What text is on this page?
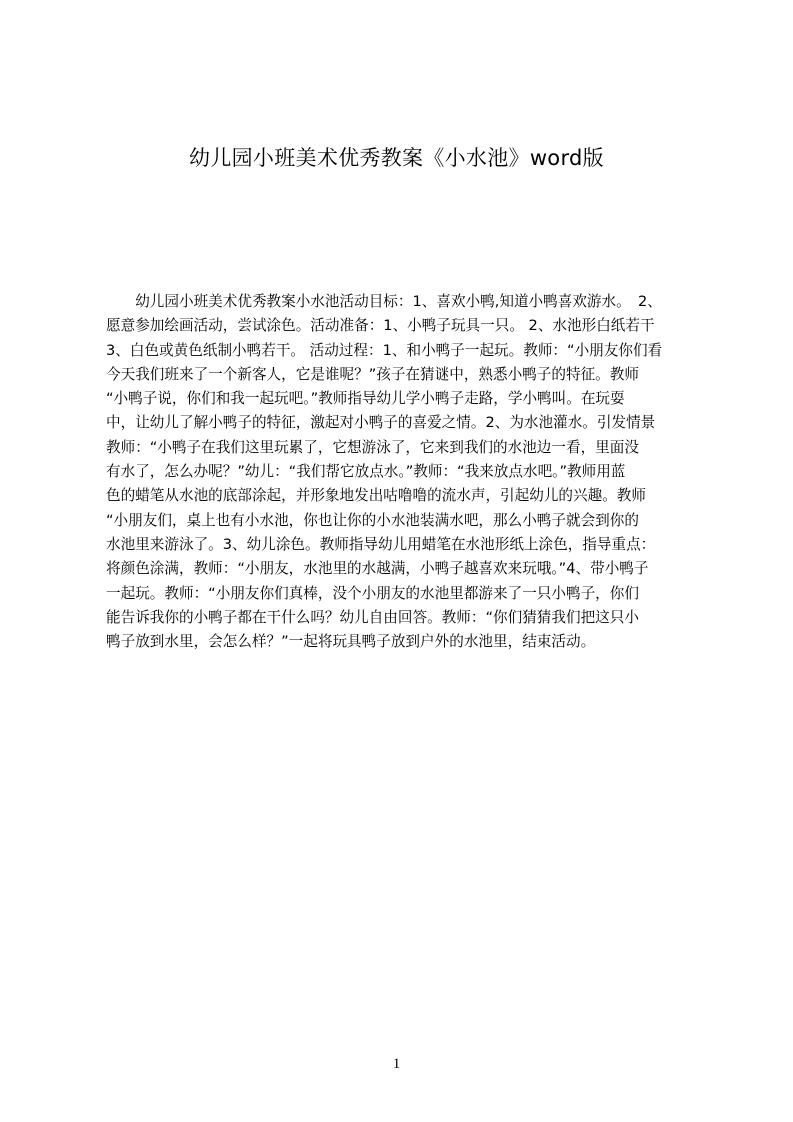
幼儿园小班美术优秀教案《小水池》word版
　　幼儿园小班美术优秀教案小水池活动目标：1、喜欢小鸭,知道小鸭喜欢游水。　2、
愿意参加绘画活动，尝试涂色。活动准备：1、小鸭子玩具一只。 2、水池形白纸若干
3、白色或黄色纸制小鸭若干。 活动过程：1、和小鸭子一起玩。教师：“小朋友你们看
今天我们班来了一个新客人，它是谁呢？”孩子在猜谜中，熟悉小鸭子的特征。教师
“小鸭子说，你们和我一起玩吧。”教师指导幼儿学小鸭子走路，学小鸭叫。在玩耍
中，让幼儿了解小鸭子的特征，激起对小鸭子的喜爱之情。2、为水池灌水。引发情景
教师：“小鸭子在我们这里玩累了，它想游泳了，它来到我们的水池边一看，里面没
有水了，怎么办呢？”幼儿：“我们帮它放点水。”教师：“我来放点水吧。”教师用蓝
色的蜡笔从水池的底部涂起，并形象地发出咕噜噜的流水声，引起幼儿的兴趣。教师
“小朋友们，桌上也有小水池，你也让你的小水池装满水吧，那么小鸭子就会到你的
水池里来游泳了。3、幼儿涂色。教师指导幼儿用蜡笔在水池形纸上涂色，指导重点：
将颜色涂满，教师：“小朋友，水池里的水越满，小鸭子越喜欢来玩哦。”4、带小鸭子
一起玩。教师：“小朋友你们真棒，没个小朋友的水池里都游来了一只小鸭子，你们
能告诉我你的小鸭子都在干什么吗？幼儿自由回答。教师：“你们猜猜我们把这只小
鸭子放到水里，会怎么样？”一起将玩具鸭子放到户外的水池里，结束活动。
1
